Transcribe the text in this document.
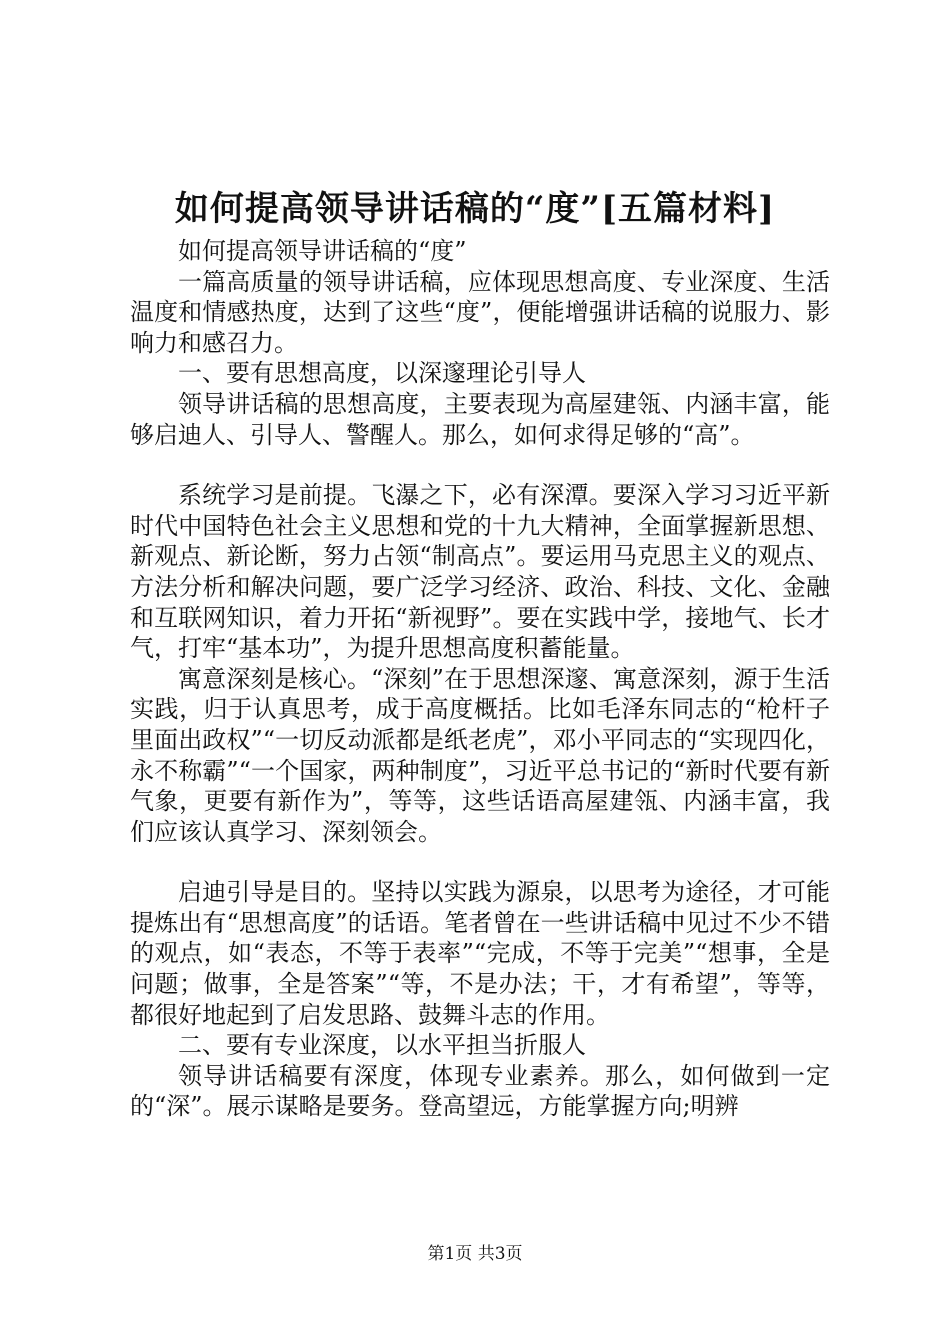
如何提高领导讲话稿的“度”[五篇材料]

如何提高领导讲话稿的“度”

一篇高质量的领导讲话稿，应体现思想高度、专业深度、生活温度和情感热度，达到了这些“度”，便能增强讲话稿的说服力、影响力和感召力。

一、要有思想高度，以深邃理论引导人

领导讲话稿的思想高度，主要表现为高屋建瓴、内涵丰富，能够启迪人、引导人、警醒人。那么，如何求得足够的“高”。

系统学习是前提。飞瀑之下，必有深潭。要深入学习习近平新时代中国特色社会主义思想和党的十九大精神，全面掌握新思想、新观点、新论断，努力占领“制高点”。要运用马克思主义的观点、方法分析和解决问题，要广泛学习经济、政治、科技、文化、金融和互联网知识，着力开拓“新视野”。要在实践中学，接地气、长才气，打牢“基本功”，为提升思想高度积蓄能量。

寓意深刻是核心。“深刻”在于思想深邃、寓意深刻，源于生活实践，归于认真思考，成于高度概括。比如毛泽东同志的“枪杆子里面出政权”“一切反动派都是纸老虎”，邓小平同志的“实现四化，永不称霸”“一个国家，两种制度”，习近平总书记的“新时代要有新气象，更要有新作为”，等等，这些话语高屋建瓴、内涵丰富，我们应该认真学习、深刻领会。

启迪引导是目的。坚持以实践为源泉，以思考为途径，才可能提炼出有“思想高度”的话语。笔者曾在一些讲话稿中见过不少不错的观点，如“表态，不等于表率”“完成，不等于完美”“想事，全是问题；做事，全是答案”“等，不是办法；干，才有希望”，等等，都很好地起到了启发思路、鼓舞斗志的作用。

二、要有专业深度，以水平担当折服人

领导讲话稿要有深度，体现专业素养。那么，如何做到一定的“深”。展示谋略是要务。登高望远，方能掌握方向;明辨

第1页 共3页
